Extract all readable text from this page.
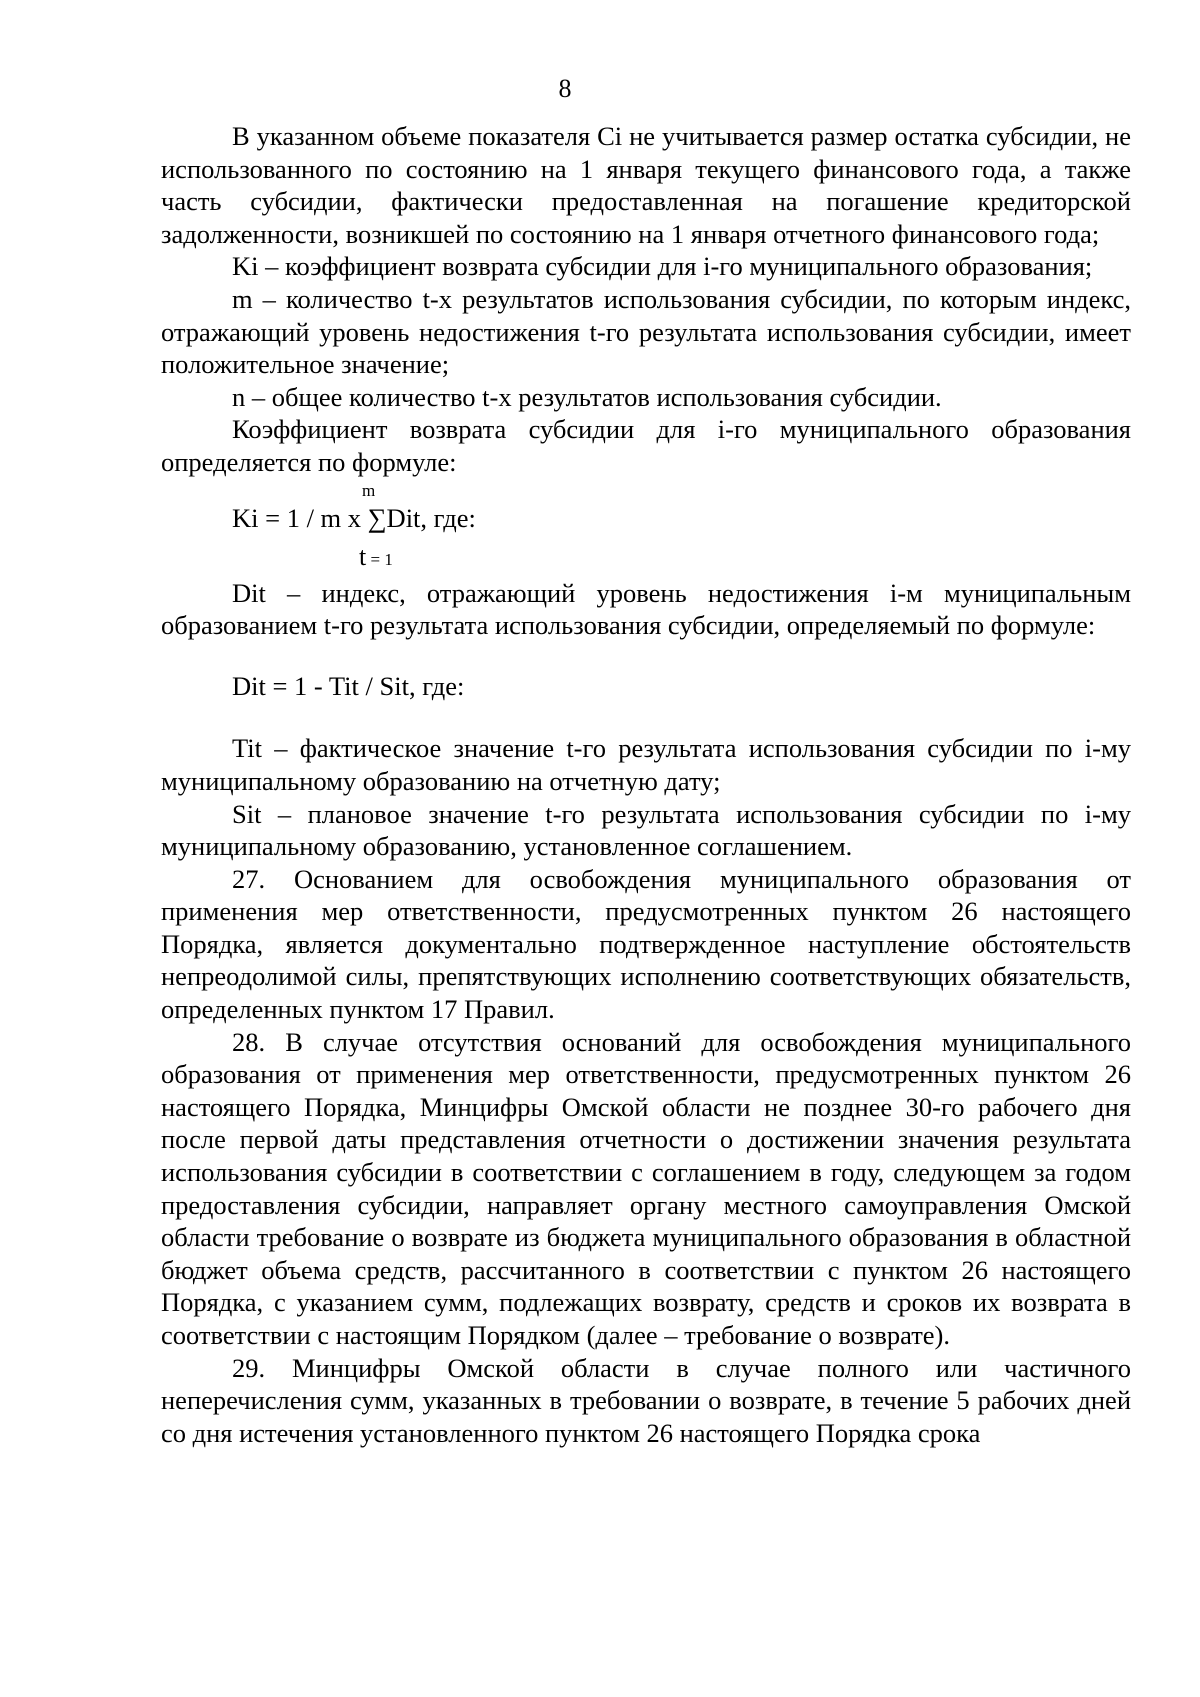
8

В указанном объеме показателя Ci не учитывается размер остатка субсидии, не использованного по состоянию на 1 января текущего финансового года, а также часть субсидии, фактически предоставленная на погашение кредиторской задолженности, возникшей по состоянию на 1 января отчетного финансового года;

Ki – коэффициент возврата субсидии для i-го муниципального образования;

m – количество t-х результатов использования субсидии, по которым индекс, отражающий уровень недостижения t-го результата использования субсидии, имеет положительное значение;

n – общее количество t-х результатов использования субсидии.

Коэффициент возврата субсидии для i-го муниципального образования определяется по формуле:

m
Ki = 1 / m x ∑Dit, где:
t = 1

Dit – индекс, отражающий уровень недостижения i-м муниципальным образованием t-го результата использования субсидии, определяемый по формуле:

Dit = 1 - Tit / Sit, где:

Tit – фактическое значение t-го результата использования субсидии по i-му муниципальному образованию на отчетную дату;

Sit – плановое значение t-го результата использования субсидии по i-му муниципальному образованию, установленное соглашением.

27. Основанием для освобождения муниципального образования от применения мер ответственности, предусмотренных пунктом 26 настоящего Порядка, является документально подтвержденное наступление обстоятельств непреодолимой силы, препятствующих исполнению соответствующих обязательств, определенных пунктом 17 Правил.

28. В случае отсутствия оснований для освобождения муниципального образования от применения мер ответственности, предусмотренных пунктом 26 настоящего Порядка, Минцифры Омской области не позднее 30-го рабочего дня после первой даты представления отчетности о достижении значения результата использования субсидии в соответствии с соглашением в году, следующем за годом предоставления субсидии, направляет органу местного самоуправления Омской области требование о возврате из бюджета муниципального образования в областной бюджет объема средств, рассчитанного в соответствии с пунктом 26 настоящего Порядка, с указанием сумм, подлежащих возврату, средств и сроков их возврата в соответствии с настоящим Порядком (далее – требование о возврате).

29. Минцифры Омской области в случае полного или частичного неперечисления сумм, указанных в требовании о возврате, в течение 5 рабочих дней со дня истечения установленного пунктом 26 настоящего Порядка срока
